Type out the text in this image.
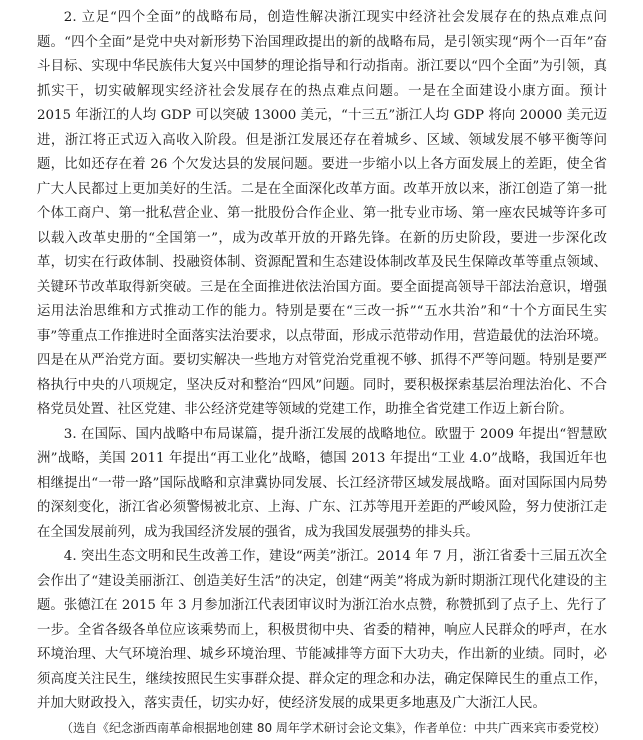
2. 立足“四个全面”的战略布局，创造性解决浙江现实中经济社会发展存在的热点难点问题。“四个全面”是党中央对新形势下治国理政提出的新的战略布局，是引领实现“两个一百年”奋斗目标、实现中华民族伟大复兴中国梦的理论指导和行动指南。浙江要以“四个全面”为引领，真抓实干，切实破解现实经济社会发展存在的热点难点问题。一是在全面建设小康方面。预计 2015 年浙江的人均 GDP 可以突破 13000 美元，“十三五”浙江人均 GDP 将向 20000 美元迈进，浙江将正式迈入高收入阶段。但是浙江发展还存在着城乡、区域、领域发展不够平衡等问题，比如还存在着 26 个欠发达县的发展问题。要进一步缩小以上各方面发展上的差距，使全省广大人民都过上更加美好的生活。二是在全面深化改革方面。改革开放以来，浙江创造了第一批个体工商户、第一批私营企业、第一批股份合作企业、第一批专业市场、第一座农民城等许多可以载入改革史册的“全国第一”，成为改革开放的开路先锋。在新的历史阶段，要进一步深化改革，切实在行政体制、投融资体制、资源配置和生态建设体制改革及民生保障改革等重点领域、关键环节改革取得新突破。三是在全面推进依法治国方面。要全面提高领导干部法治意识，增强运用法治思维和方式推动工作的能力。特别是要在“三改一拆”“五水共治”和“十个方面民生实事”等重点工作推进时全面落实法治要求，以点带面，形成示范带动作用，营造最优的法治环境。四是在从严治党方面。要切实解决一些地方对管党治党重视不够、抓得不严等问题。特别是要严格执行中央的八项规定，坚决反对和整治“四风”问题。同时，要积极探索基层治理法治化、不合格党员处置、社区党建、非公经济党建等领域的党建工作，助推全省党建工作迈上新台阶。

3. 在国际、国内战略中布局谋篇，提升浙江发展的战略地位。欧盟于 2009 年提出“智慧欧洲”战略，美国 2011 年提出“再工业化”战略，德国 2013 年提出“工业 4.0”战略，我国近年也相继提出“一带一路”国际战略和京津冀协同发展、长江经济带区域发展战略。面对国际国内局势的深刻变化，浙江省必须警惕被北京、上海、广东、江苏等甩开差距的严峻风险，努力使浙江走在全国发展前列，成为我国经济发展的强省，成为我国发展强势的排头兵。

4. 突出生态文明和民生改善工作，建设“两美”浙江。2014 年 7 月，浙江省委十三届五次全会作出了“建设美丽浙江、创造美好生活”的决定，创建“两美”将成为新时期浙江现代化建设的主题。张德江在 2015 年 3 月参加浙江代表团审议时为浙江治水点赞，称赞抓到了点子上、先行了一步。全省各级各单位应该乘势而上，积极贯彻中央、省委的精神，响应人民群众的呼声，在水环境治理、大气环境治理、城乡环境治理、节能减排等方面下大功夫，作出新的业绩。同时，必须高度关注民生，继续按照民生实事群众提、群众定的理念和办法，确定保障民生的重点工作，并加大财政投入，落实责任，切实办好，使经济发展的成果更多地惠及广大浙江人民。

（选自《纪念浙西南革命根据地创建 80 周年学术研讨会论文集》，作者单位：中共广西来宾市委党校）
